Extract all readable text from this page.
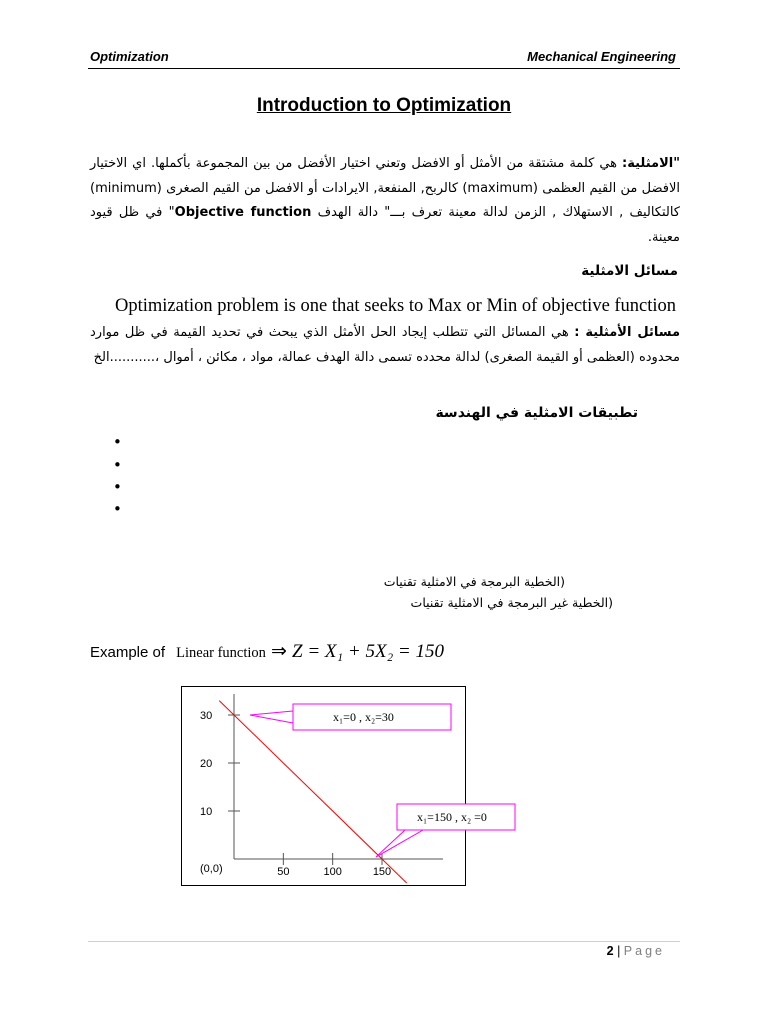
Optimization	Mechanical Engineering
Introduction to Optimization
"الامثلية: هي كلمة مشتقة من الأمثل أو الافضل وتعني اختيار الأفضل من بين المجموعة بأكملها. اي الاختيار الافضل من القيم العظمى (maximum) كالربح, المنفعة, الايرادات أو الافضل من القيم الصغرى (minimum) كالتكاليف , الاستهلاك , الزمن لدالة معينة تعرف بـــ" دالة الهدف Objective function" في ظل قيود معينة.
مسائل الامثلية
Optimization problem is one that seeks to Max or Min of objective function
مسائل الأمثلية : هي المسائل التي تتطلب إيجاد الحل الأمثل الذي يبحث في تحديد القيمة في ظل موارد محدوده (العظمى أو القيمة الصغرى) لدالة محدده تسمى دالة الهدف عمالة، مواد ، مكائن ، أموال ،...........الخ
تطبيقات الامثلية في الهندسة
•
•
•
•
(الخطية البرمجة في الامثلية تقنيات
(الخطية غير البرمجة في الامثلية تقنيات
Example of Linear function ⇒ Z = X₁ + 5X₂ = 150
(0,0)
10
20
30
50	100	150
x₁=0 , x₂=30
x₁=150 , x₂ =0
2 | Page
